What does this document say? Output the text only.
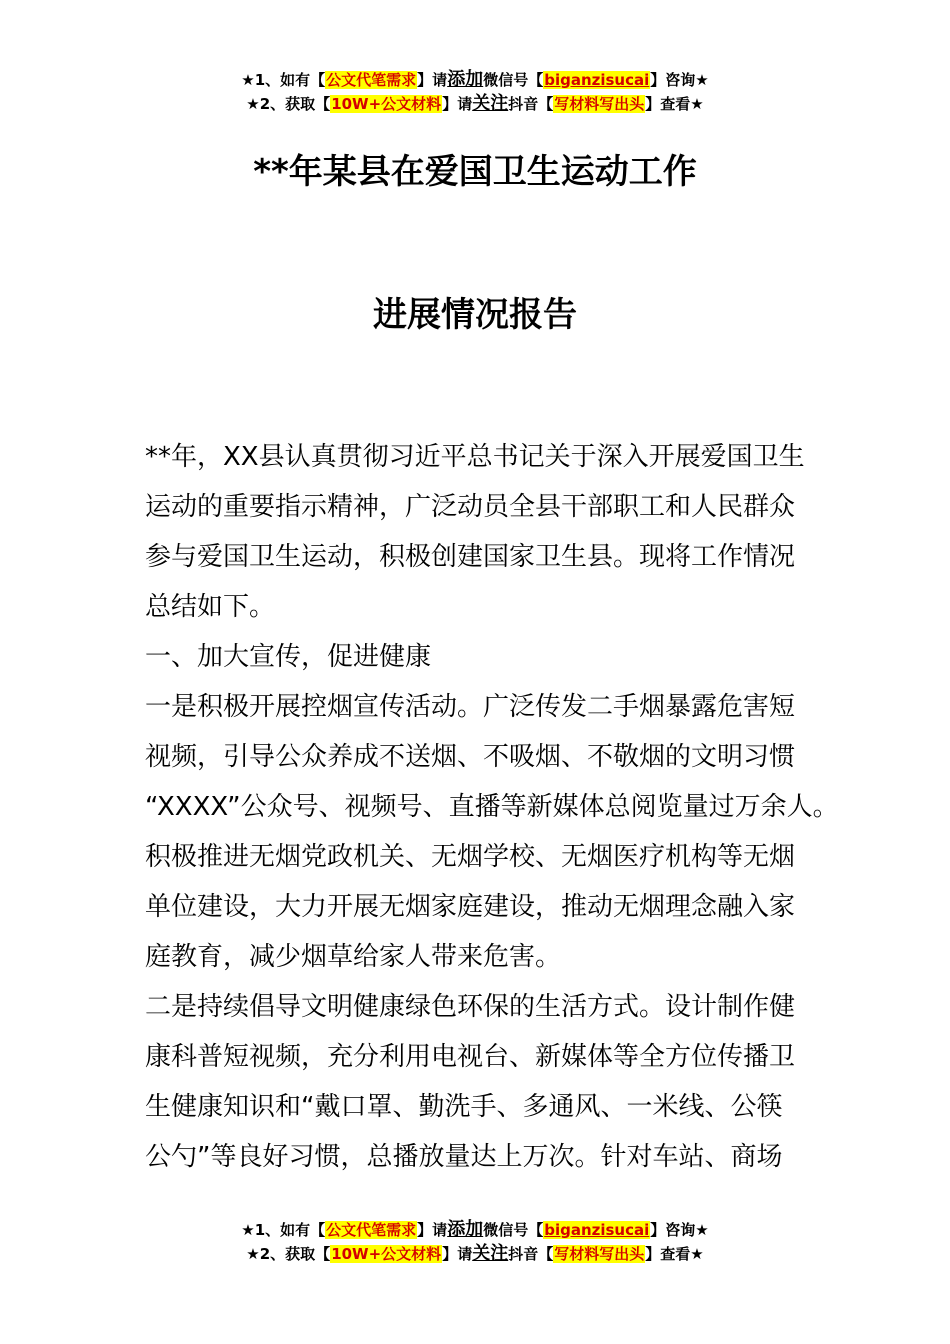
★1、如有【公文代笔需求】请添加微信号【biganzisucai】咨询★
★2、获取【10W+公文材料】请关注抖音【写材料写出头】查看★
**年某县在爱国卫生运动工作
进展情况报告

**年，XX县认真贯彻习近平总书记关于深入开展爱国卫生

运动的重要指示精神，广泛动员全县干部职工和人民群众

参与爱国卫生运动，积极创建国家卫生县。现将工作情况

总结如下。

一、加大宣传，促进健康

一是积极开展控烟宣传活动。广泛传发二手烟暴露危害短

视频，引导公众养成不送烟、不吸烟、不敬烟的文明习惯

“XXXX”公众号、视频号、直播等新媒体总阅览量过万余人。

积极推进无烟党政机关、无烟学校、无烟医疗机构等无烟

单位建设，大力开展无烟家庭建设，推动无烟理念融入家

庭教育，减少烟草给家人带来危害。

二是持续倡导文明健康绿色环保的生活方式。设计制作健

康科普短视频，充分利用电视台、新媒体等全方位传播卫

生健康知识和“戴口罩、勤洗手、多通风、一米线、公筷

公勺”等良好习惯，总播放量达上万次。针对车站、商场

★1、如有【公文代笔需求】请添加微信号【biganzisucai】咨询★
★2、获取【10W+公文材料】请关注抖音【写材料写出头】查看★
